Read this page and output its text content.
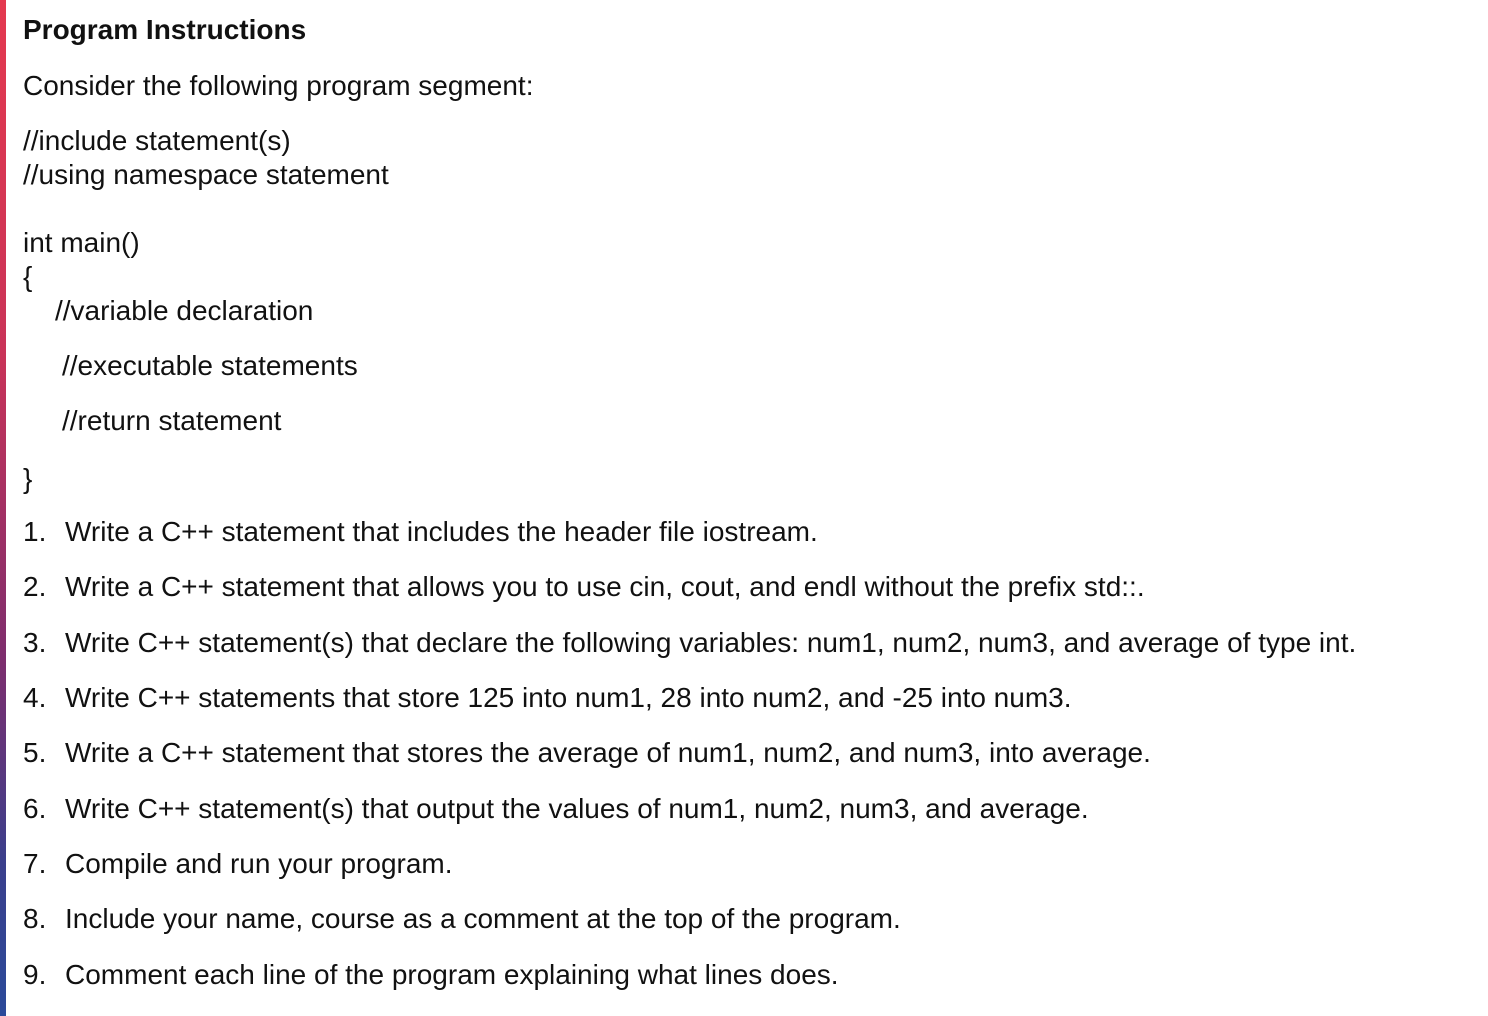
Program Instructions
Consider the following program segment:
//include statement(s)
//using namespace statement
int main()
{
//variable declaration
//executable statements
//return statement
}
1. Write a C++ statement that includes the header file iostream.
2. Write a C++ statement that allows you to use cin, cout, and endl without the prefix std::.
3. Write C++ statement(s) that declare the following variables: num1, num2, num3, and average of type int.
4. Write C++ statements that store 125 into num1, 28 into num2, and -25 into num3.
5. Write a C++ statement that stores the average of num1, num2, and num3, into average.
6. Write C++ statement(s) that output the values of num1, num2, num3, and average.
7. Compile and run your program.
8. Include your name, course as a comment at the top of the program.
9. Comment each line of the program explaining what lines does.
